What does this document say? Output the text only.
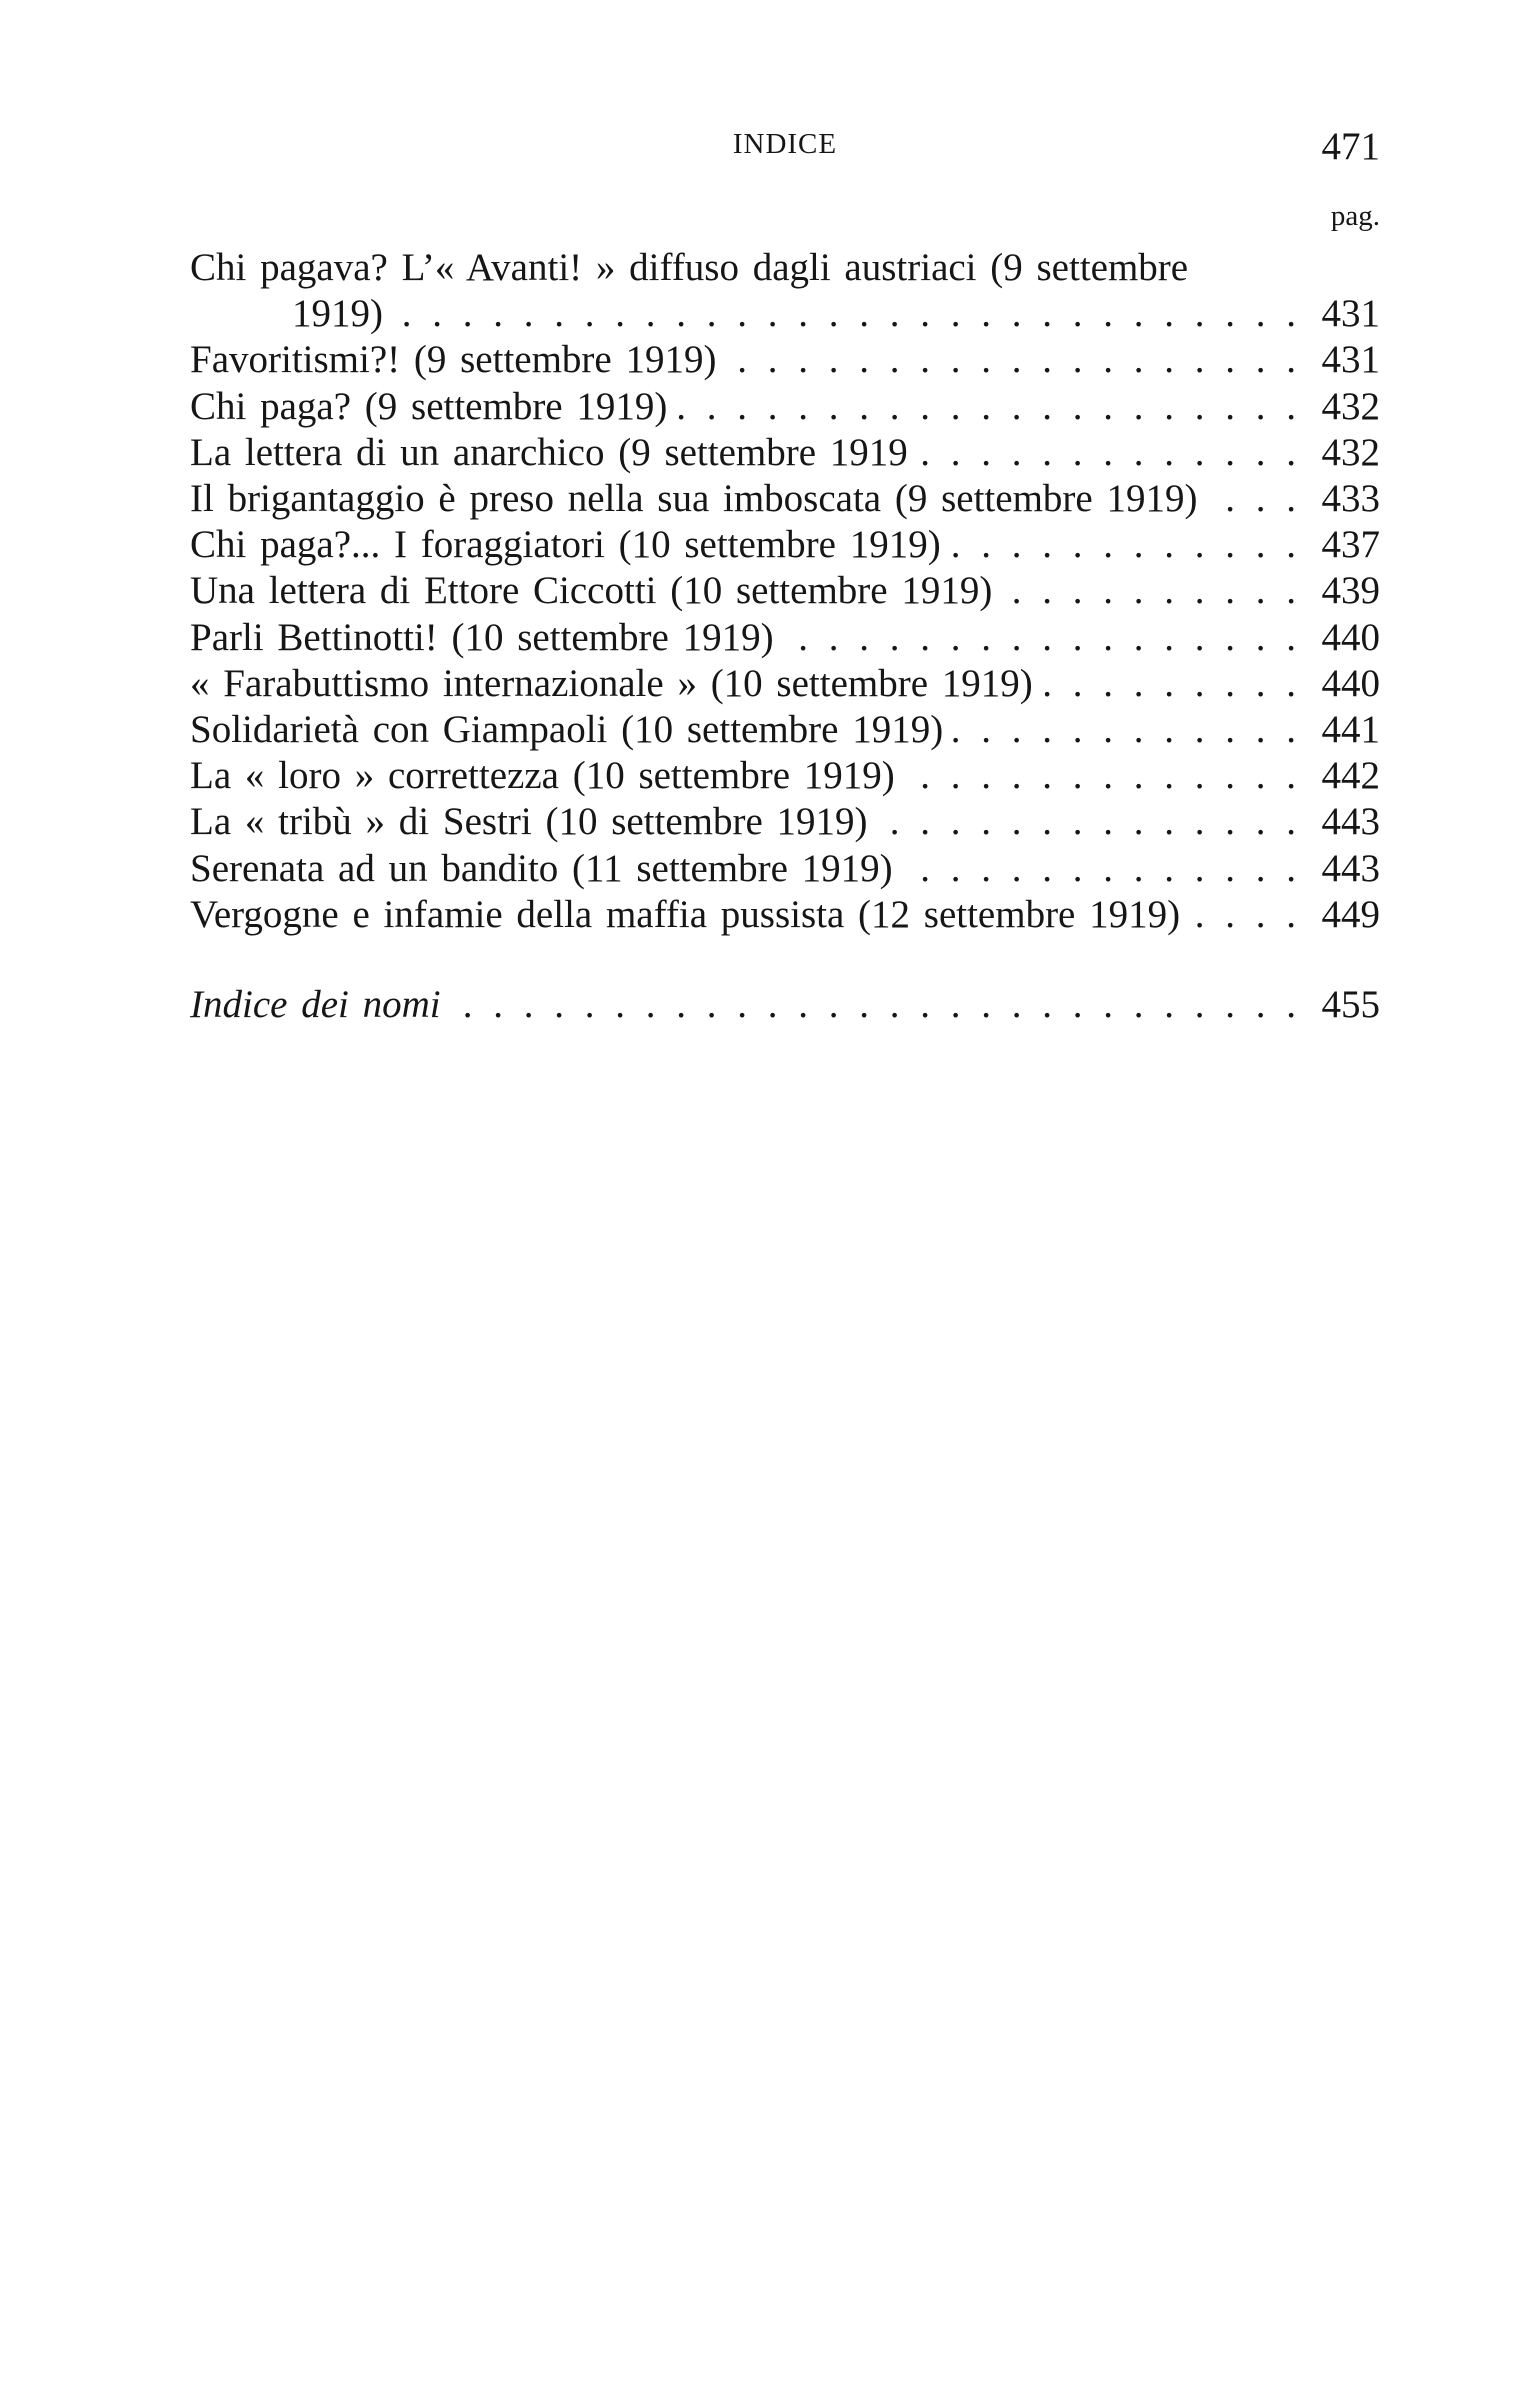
INDICE	471
pag.
Chi pagava? L’« Avanti! » diffuso dagli austriaci (9 settembre
1919) . . .	431
Favoritismi?! (9 settembre 1919) . . .	431
Chi paga? (9 settembre 1919) . . .	432
La lettera di un anarchico (9 settembre 1919 . . .	432
Il brigantaggio è preso nella sua imboscata (9 settembre 1919) . . .	433
Chi paga?... I foraggiatori (10 settembre 1919) . . .	437
Una lettera di Ettore Ciccotti (10 settembre 1919) . . .	439
Parli Bettinotti! (10 settembre 1919) . . .	440
« Farabuttismo internazionale » (10 settembre 1919) . . .	440
Solidarietà con Giampaoli (10 settembre 1919) . . .	441
La « loro » correttezza (10 settembre 1919) . . .	442
La « tribù » di Sestri (10 settembre 1919) . . .	443
Serenata ad un bandito (11 settembre 1919) . . .	443
Vergogne e infamie della maffia pussista (12 settembre 1919) . . .	449
Indice dei nomi . . .	455
